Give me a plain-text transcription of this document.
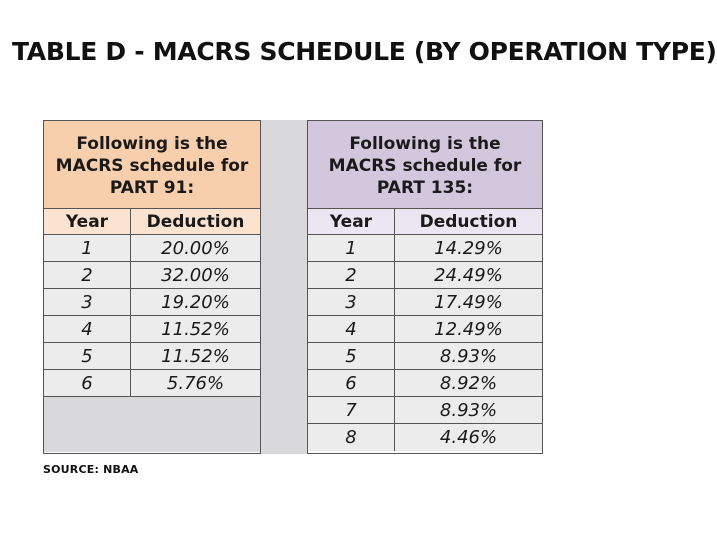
TABLE D - MACRS SCHEDULE (BY OPERATION TYPE)
Following is the
MACRS schedule for
PART 91:
Year	Deduction
1	20.00%
2	32.00%
3	19.20%
4	11.52%
5	11.52%
6	5.76%
Following is the
MACRS schedule for
PART 135:
Year	Deduction
1	14.29%
2	24.49%
3	17.49%
4	12.49%
5	8.93%
6	8.92%
7	8.93%
8	4.46%
SOURCE: NBAA
